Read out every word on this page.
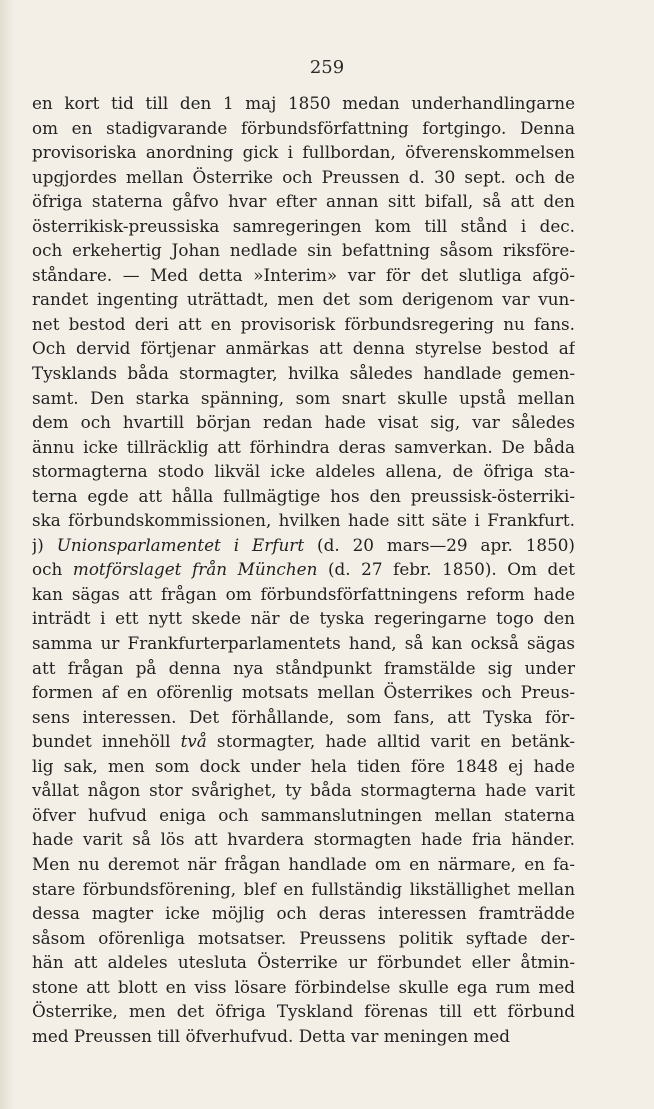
259
en kort tid till den 1 maj 1850 medan underhandlingarne
om en stadigvarande förbundsförfattning fortgingo. Denna
provisoriska anordning gick i fullbordan, öfverenskommelsen
upgjordes mellan Österrike och Preussen d. 30 sept. och de
öfriga staterna gåfvo hvar efter annan sitt bifall, så att den
österrikisk-preussiska samregeringen kom till stånd i dec.
och erkehertig Johan nedlade sin befattning såsom riksföre-
ståndare. — Med detta »Interim» var för det slutliga afgö-
randet ingenting uträttadt, men det som derigenom var vun-
net bestod deri att en provisorisk förbundsregering nu fans.
Och dervid förtjenar anmärkas att denna styrelse bestod af
Tysklands båda stormagter, hvilka således handlade gemen-
samt. Den starka spänning, som snart skulle upstå mellan
dem och hvartill början redan hade visat sig, var således
ännu icke tillräcklig att förhindra deras samverkan. De båda
stormagterna stodo likväl icke aldeles allena, de öfriga sta-
terna egde att hålla fullmägtige hos den preussisk-österriki-
ska förbundskommissionen, hvilken hade sitt säte i Frankfurt.
j) Unionsparlamentet i Erfurt (d. 20 mars—29 apr. 1850)
och motförslaget från München (d. 27 febr. 1850). Om det
kan sägas att frågan om förbundsförfattningens reform hade
inträdt i ett nytt skede när de tyska regeringarne togo den
samma ur Frankfurterparlamentets hand, så kan också sägas
att frågan på denna nya ståndpunkt framstälde sig under
formen af en oförenlig motsats mellan Österrikes och Preus-
sens interessen. Det förhållande, som fans, att Tyska för-
bundet innehöll två stormagter, hade alltid varit en betänk-
lig sak, men som dock under hela tiden före 1848 ej hade
vållat någon stor svårighet, ty båda stormagterna hade varit
öfver hufvud eniga och sammanslutningen mellan staterna
hade varit så lös att hvardera stormagten hade fria händer.
Men nu deremot när frågan handlade om en närmare, en fa-
stare förbundsförening, blef en fullständig likställighet mellan
dessa magter icke möjlig och deras interessen framträdde
såsom oförenliga motsatser. Preussens politik syftade der-
hän att aldeles utesluta Österrike ur förbundet eller åtmin-
stone att blott en viss lösare förbindelse skulle ega rum med
Österrike, men det öfriga Tyskland förenas till ett förbund
med Preussen till öfverhufvud. Detta var meningen med
